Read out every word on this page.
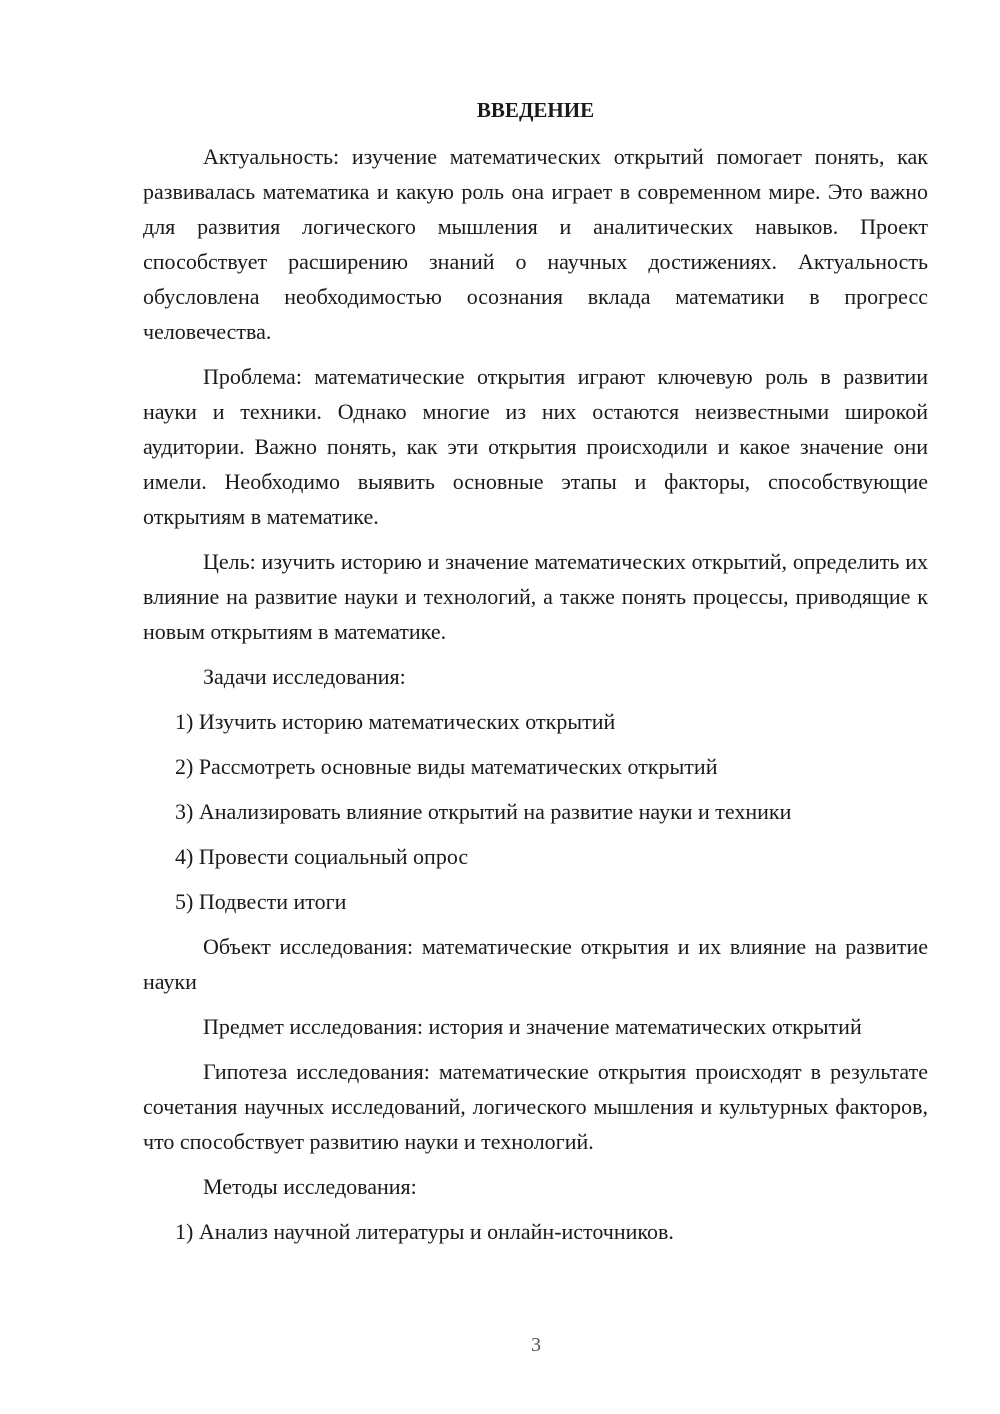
ВВЕДЕНИЕ

Актуальность: изучение математических открытий помогает понять, как развивалась математика и какую роль она играет в современном мире. Это важно для развития логического мышления и аналитических навыков. Проект способствует расширению знаний о научных достижениях. Актуальность обусловлена необходимостью осознания вклада математики в прогресс человечества.

Проблема: математические открытия играют ключевую роль в развитии науки и техники. Однако многие из них остаются неизвестными широкой аудитории. Важно понять, как эти открытия происходили и какое значение они имели. Необходимо выявить основные этапы и факторы, способствующие открытиям в математике.

Цель: изучить историю и значение математических открытий, определить их влияние на развитие науки и технологий, а также понять процессы, приводящие к новым открытиям в математике.

Задачи исследования:

1) Изучить историю математических открытий

2) Рассмотреть основные виды математических открытий

3) Анализировать влияние открытий на развитие науки и техники

4) Провести социальный опрос

5) Подвести итоги

Объект исследования: математические открытия и их влияние на развитие науки

Предмет исследования: история и значение математических открытий

Гипотеза исследования: математические открытия происходят в результате сочетания научных исследований, логического мышления и культурных факторов, что способствует развитию науки и технологий.

Методы исследования:

1) Анализ научной литературы и онлайн-источников.

3
